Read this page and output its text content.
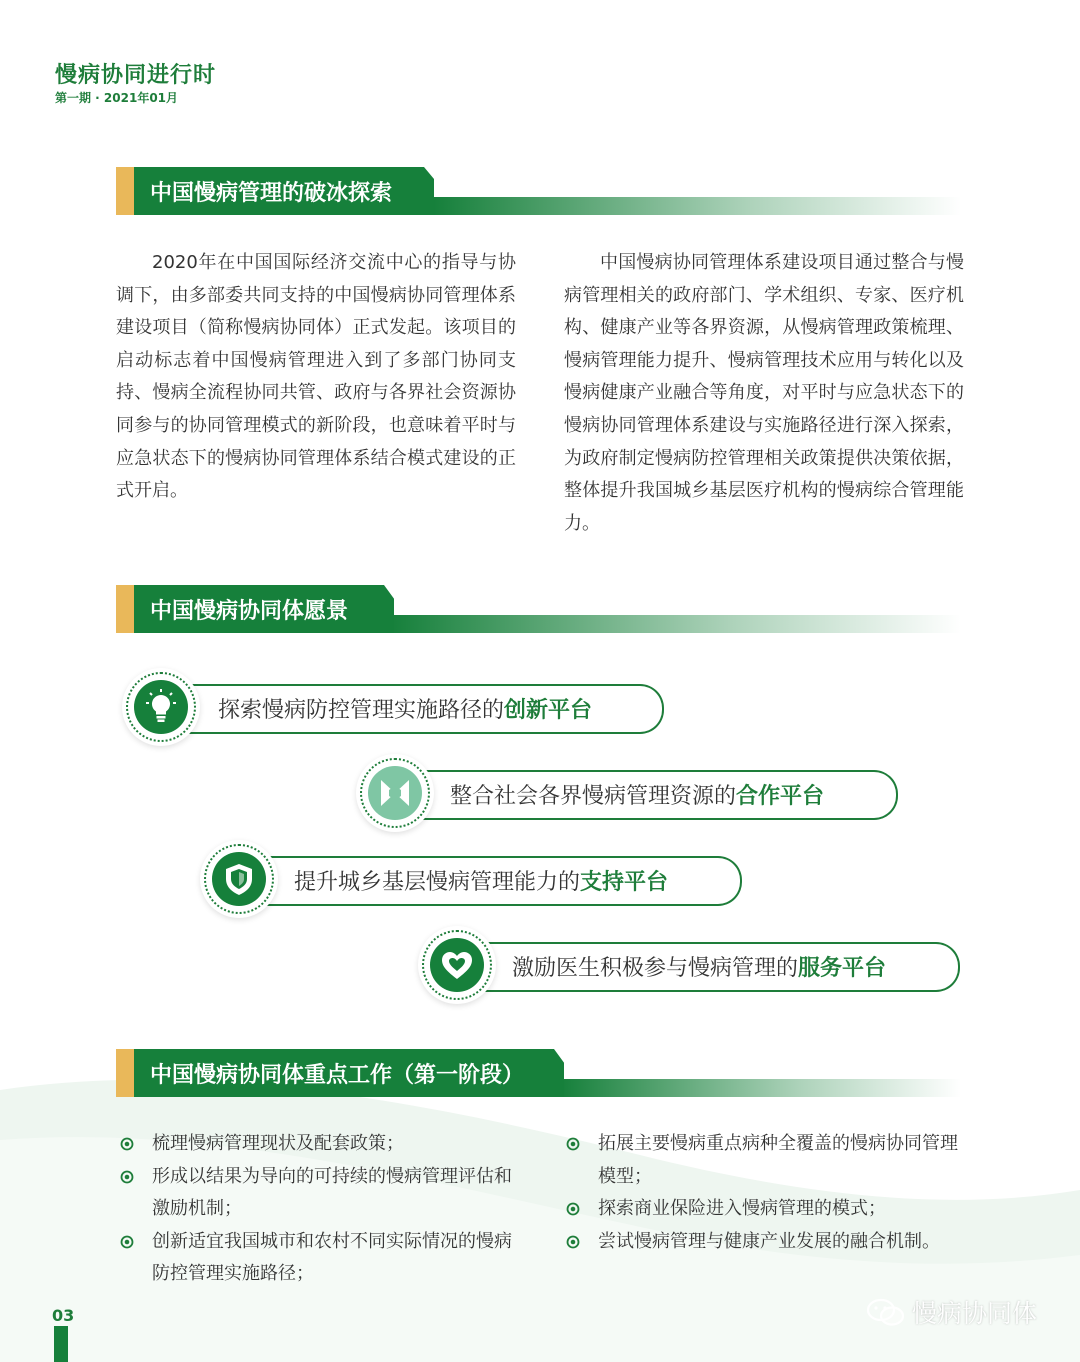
慢病协同进行时
第一期 · 2021年01月
中国慢病管理的破冰探索

2020年在中国国际经济交流中心的指导与协调下，由多部委共同支持的中国慢病协同管理体系建设项目（简称慢病协同体）正式发起。该项目的启动标志着中国慢病管理进入到了多部门协同支持、慢病全流程协同共管、政府与各界社会资源协同参与的协同管理模式的新阶段，也意味着平时与应急状态下的慢病协同管理体系结合模式建设的正式开启。

中国慢病协同管理体系建设项目通过整合与慢病管理相关的政府部门、学术组织、专家、医疗机构、健康产业等各界资源，从慢病管理政策梳理、慢病管理能力提升、慢病管理技术应用与转化以及慢病健康产业融合等角度，对平时与应急状态下的慢病协同管理体系建设与实施路径进行深入探索，为政府制定慢病防控管理相关政策提供决策依据，整体提升我国城乡基层医疗机构的慢病综合管理能力。

中国慢病协同体愿景
探索慢病防控管理实施路径的创新平台
整合社会各界慢病管理资源的合作平台
提升城乡基层慢病管理能力的支持平台
激励医生积极参与慢病管理的服务平台
中国慢病协同体重点工作（第一阶段）
梳理慢病管理现状及配套政策；
形成以结果为导向的可持续的慢病管理评估和激励机制；
创新适宜我国城市和农村不同实际情况的慢病防控管理实施路径；
拓展主要慢病重点病种全覆盖的慢病协同管理模型；
探索商业保险进入慢病管理的模式；
尝试慢病管理与健康产业发展的融合机制。
03	慢病协同体
